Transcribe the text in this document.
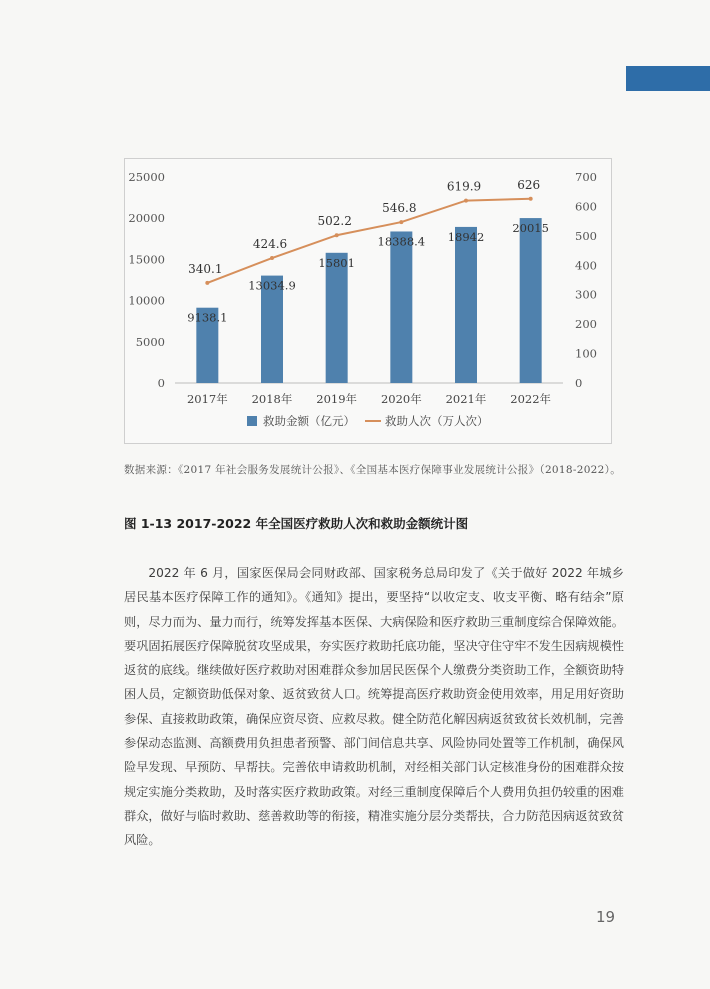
0
5000
10000
15000
20000
25000
0
100
200
300
400
500
600
700
9138.1
13034.9
15801
18388.4 18942
20015
340.1
424.6
502.2
546.8
619.9	626
2017年 2018年 2019年 2020年 2021年 2022年
救助金额（亿元）	救助人次（万人次）
数据来源：《2017 年社会服务发展统计公报》、《全国基本医疗保障事业发展统计公报》（2018-2022）。
图 1-13 2017-2022 年全国医疗救助人次和救助金额统计图

2022 年 6 月，国家医保局会同财政部、国家税务总局印发了《关于做好 2022 年城乡居民基本医疗保障工作的通知》。《通知》提出，要坚持“以收定支、收支平衡、略有结余”原则，尽力而为、量力而行，统筹发挥基本医保、大病保险和医疗救助三重制度综合保障效能。要巩固拓展医疗保障脱贫攻坚成果，夯实医疗救助托底功能，坚决守住守牢不发生因病规模性返贫的底线。继续做好医疗救助对困难群众参加居民医保个人缴费分类资助工作，全额资助特困人员，定额资助低保对象、返贫致贫人口。统筹提高医疗救助资金使用效率，用足用好资助参保、直接救助政策，确保应资尽资、应救尽救。健全防范化解因病返贫致贫长效机制，完善参保动态监测、高额费用负担患者预警、部门间信息共享、风险协同处置等工作机制，确保风险早发现、早预防、早帮扶。完善依申请救助机制，对经相关部门认定核准身份的困难群众按规定实施分类救助，及时落实医疗救助政策。对经三重制度保障后个人费用负担仍较重的困难群众，做好与临时救助、慈善救助等的衔接，精准实施分层分类帮扶，合力防范因病返贫致贫风险。

19
